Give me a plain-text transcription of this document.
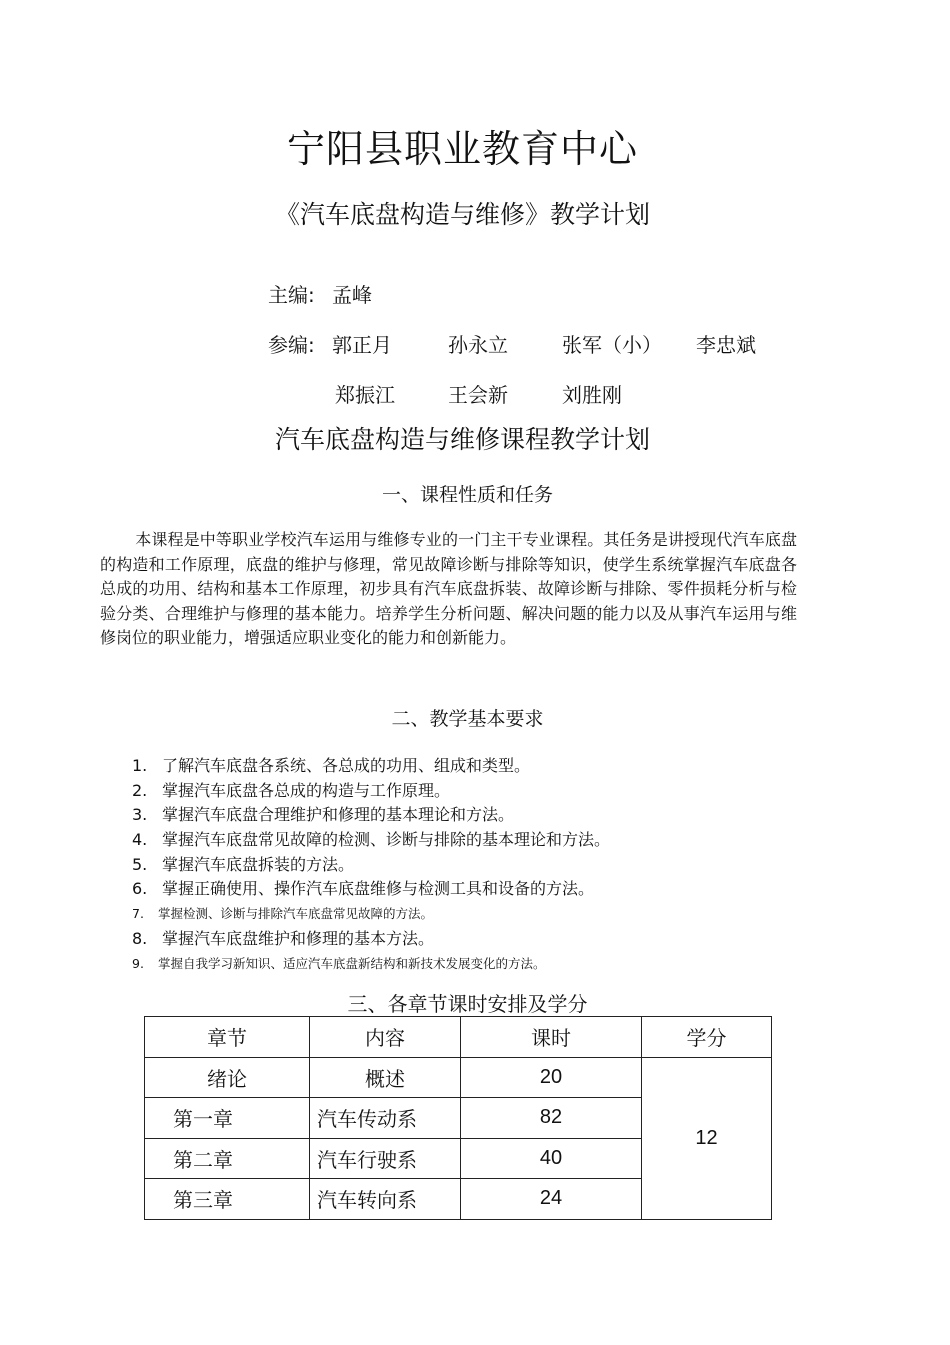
宁阳县职业教育中心
《汽车底盘构造与维修》教学计划
主编: 孟峰
参编: 郭正月	孙永立	张军（小） 李忠斌
郑振江	王会新	刘胜刚
汽车底盘构造与维修课程教学计划
一、课程性质和任务
本课程是中等职业学校汽车运用与维修专业的一门主干专业课程。其任务是讲授现代汽车底盘的构造和工作原理，底盘的维护与修理，常见故障诊断与排除等知识，使学生系统掌握汽车底盘各总成的功用、结构和基本工作原理，初步具有汽车底盘拆装、故障诊断与排除、零件损耗分析与检验分类、合理维护与修理的基本能力。培养学生分析问题、解决问题的能力以及从事汽车运用与维修岗位的职业能力，增强适应职业变化的能力和创新能力。
二、教学基本要求
1. 了解汽车底盘各系统、各总成的功用、组成和类型。
2. 掌握汽车底盘各总成的构造与工作原理。
3. 掌握汽车底盘合理维护和修理的基本理论和方法。
4. 掌握汽车底盘常见故障的检测、诊断与排除的基本理论和方法。
5. 掌握汽车底盘拆装的方法。
6. 掌握正确使用、操作汽车底盘维修与检测工具和设备的方法。
7. 掌握检测、诊断与排除汽车底盘常见故障的方法。
8. 掌握汽车底盘维护和修理的基本方法。
9. 掌握自我学习新知识、适应汽车底盘新结构和新技术发展变化的方法。
三、各章节课时安排及学分
章节	内容	课时	学分
绪论	概述	20	12
第一章	汽车传动系	82	
第二章	汽车行驶系	40	
第三章	汽车转向系	24	
